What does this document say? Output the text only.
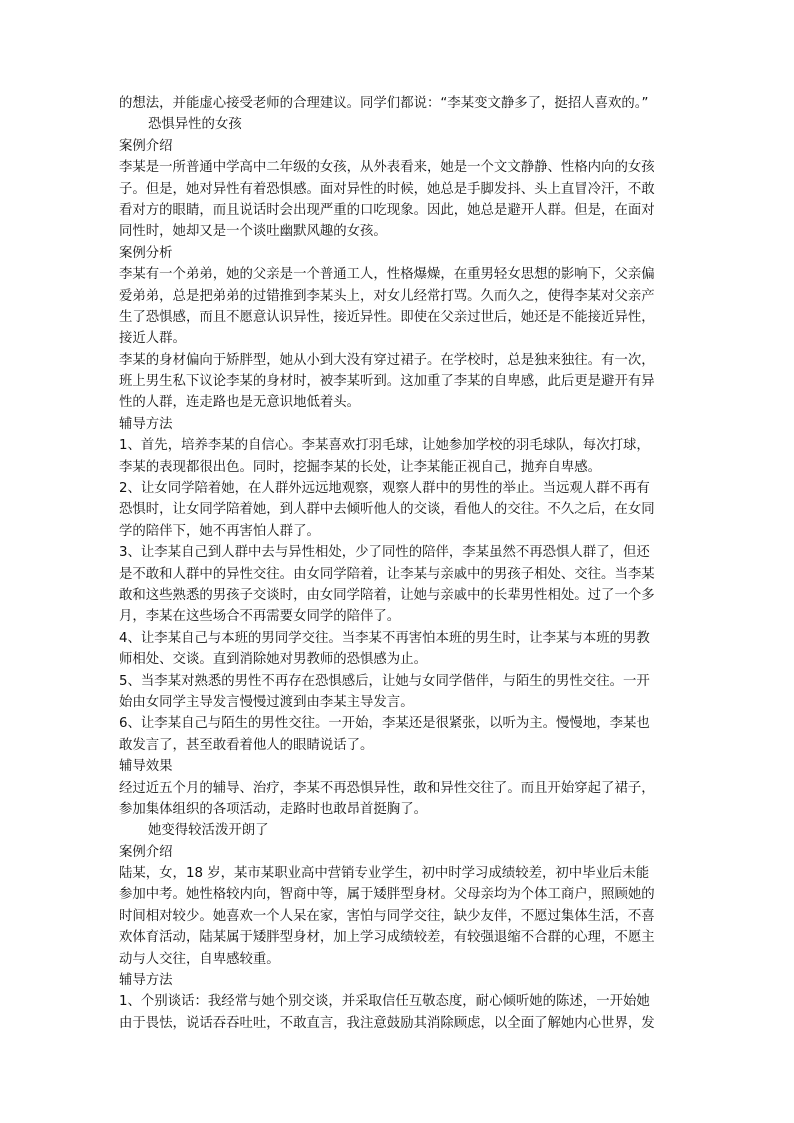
的想法，并能虚心接受老师的合理建议。同学们都说：“李某变文静多了，挺招人喜欢的。”
恐惧异性的女孩
案例介绍
李某是一所普通中学高中二年级的女孩，从外表看来，她是一个文文静静、性格内向的女孩
子。但是，她对异性有着恐惧感。面对异性的时候，她总是手脚发抖、头上直冒冷汗，不敢
看对方的眼睛，而且说话时会出现严重的口吃现象。因此，她总是避开人群。但是，在面对
同性时，她却又是一个谈吐幽默风趣的女孩。
案例分析
李某有一个弟弟，她的父亲是一个普通工人，性格爆燥，在重男轻女思想的影响下，父亲偏
爱弟弟，总是把弟弟的过错推到李某头上，对女儿经常打骂。久而久之，使得李某对父亲产
生了恐惧感，而且不愿意认识异性，接近异性。即使在父亲过世后，她还是不能接近异性，
接近人群。
李某的身材偏向于矫胖型，她从小到大没有穿过裙子。在学校时，总是独来独往。有一次，
班上男生私下议论李某的身材时，被李某听到。这加重了李某的自卑感，此后更是避开有异
性的人群，连走路也是无意识地低着头。
辅导方法
1、首先，培养李某的自信心。李某喜欢打羽毛球，让她参加学校的羽毛球队，每次打球，
李某的表现都很出色。同时，挖掘李某的长处，让李某能正视自己，抛弃自卑感。
2、让女同学陪着她，在人群外远远地观察，观察人群中的男性的举止。当远观人群不再有
恐惧时，让女同学陪着她，到人群中去倾听他人的交谈，看他人的交往。不久之后，在女同
学的陪伴下，她不再害怕人群了。
3、让李某自己到人群中去与异性相处，少了同性的陪伴，李某虽然不再恐惧人群了，但还
是不敢和人群中的异性交往。由女同学陪着，让李某与亲戚中的男孩子相处、交往。当李某
敢和这些熟悉的男孩子交谈时，由女同学陪着，让她与亲戚中的长辈男性相处。过了一个多
月，李某在这些场合不再需要女同学的陪伴了。
4、让李某自己与本班的男同学交往。当李某不再害怕本班的男生时，让李某与本班的男教
师相处、交谈。直到消除她对男教师的恐惧感为止。
5、当李某对熟悉的男性不再存在恐惧感后，让她与女同学偕伴，与陌生的男性交往。一开
始由女同学主导发言慢慢过渡到由李某主导发言。
6、让李某自己与陌生的男性交往。一开始，李某还是很紧张，以听为主。慢慢地，李某也
敢发言了，甚至敢看着他人的眼睛说话了。
辅导效果
经过近五个月的辅导、治疗，李某不再恐惧异性，敢和异性交往了。而且开始穿起了裙子，
参加集体组织的各项活动，走路时也敢昂首挺胸了。
她变得较活泼开朗了
案例介绍
陆某，女，18 岁，某市某职业高中营销专业学生，初中时学习成绩较差，初中毕业后未能
参加中考。她性格较内向，智商中等，属于矮胖型身材。父母亲均为个体工商户，照顾她的
时间相对较少。她喜欢一个人呆在家，害怕与同学交往，缺少友伴，不愿过集体生活，不喜
欢体育活动，陆某属于矮胖型身材，加上学习成绩较差，有较强退缩不合群的心理，不愿主
动与人交往，自卑感较重。
辅导方法
1、个别谈话：我经常与她个别交谈，并采取信任互敬态度，耐心倾听她的陈述，一开始她
由于畏怯，说话吞吞吐吐，不敢直言，我注意鼓励其消除顾虑，以全面了解她内心世界，发
